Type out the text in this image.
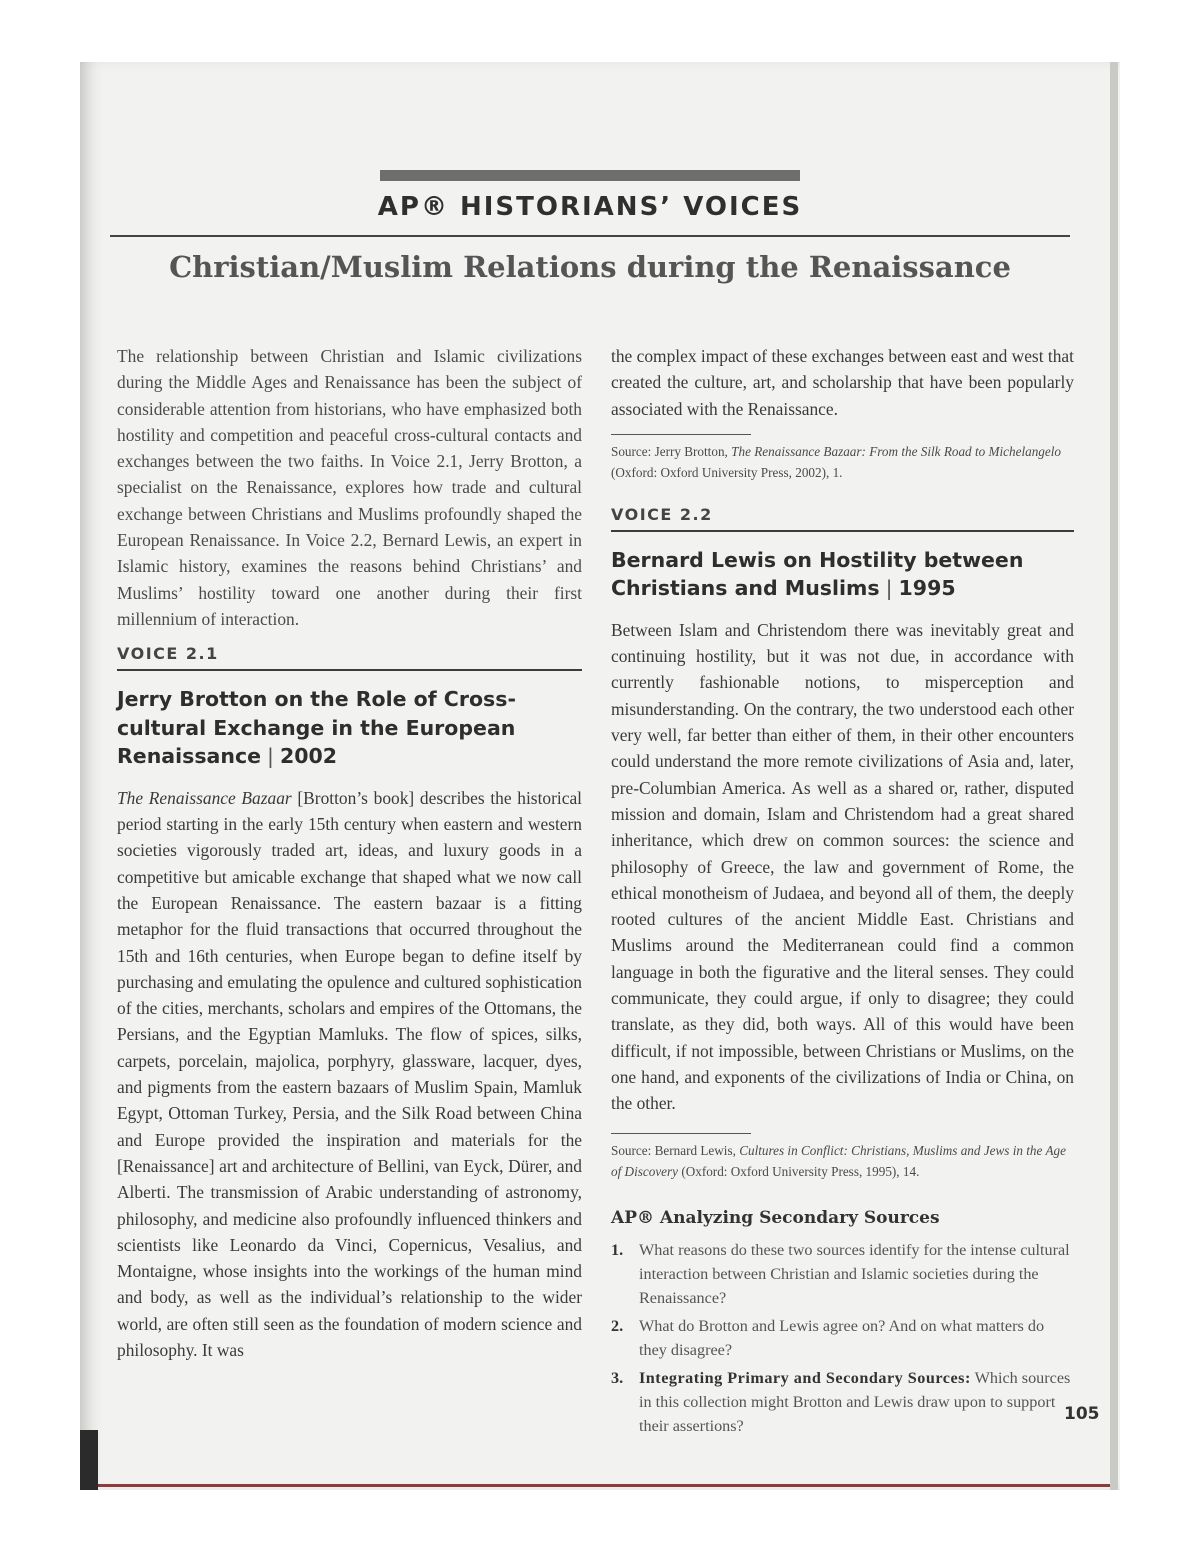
AP® HISTORIANS’ VOICES
Christian/Muslim Relations during the Renaissance

The relationship between Christian and Islamic civilizations during the Middle Ages and Renaissance has been the subject of considerable attention from historians, who have emphasized both hostility and competition and peaceful cross-cultural contacts and exchanges between the two faiths. In Voice 2.1, Jerry Brotton, a specialist on the Renaissance, explores how trade and cultural exchange between Christians and Muslims profoundly shaped the European Renaissance. In Voice 2.2, Bernard Lewis, an expert in Islamic history, examines the reasons behind Christians’ and Muslims’ hostility toward one another during their first millennium of interaction.

VOICE 2.1
Jerry Brotton on the Role of Cross-cultural Exchange in the European Renaissance | 2002

The Renaissance Bazaar [Brotton’s book] describes the historical period starting in the early 15th century when eastern and western societies vigorously traded art, ideas, and luxury goods in a competitive but amicable exchange that shaped what we now call the European Renaissance. The eastern bazaar is a fitting metaphor for the fluid transactions that occurred throughout the 15th and 16th centuries, when Europe began to define itself by purchasing and emulating the opulence and cultured sophistication of the cities, merchants, scholars and empires of the Ottomans, the Persians, and the Egyptian Mamluks. The flow of spices, silks, carpets, porcelain, majolica, porphyry, glassware, lacquer, dyes, and pigments from the eastern bazaars of Muslim Spain, Mamluk Egypt, Ottoman Turkey, Persia, and the Silk Road between China and Europe provided the inspiration and materials for the [Renaissance] art and architecture of Bellini, van Eyck, Dürer, and Alberti. The transmission of Arabic understanding of astronomy, philosophy, and medicine also profoundly influenced thinkers and scientists like Leonardo da Vinci, Copernicus, Vesalius, and Montaigne, whose insights into the workings of the human mind and body, as well as the individual’s relationship to the wider world, are often still seen as the foundation of modern science and philosophy. It was

the complex impact of these exchanges between east and west that created the culture, art, and scholarship that have been popularly associated with the Renaissance.

Source: Jerry Brotton, The Renaissance Bazaar: From the Silk Road to Michelangelo (Oxford: Oxford University Press, 2002), 1.

VOICE 2.2
Bernard Lewis on Hostility between Christians and Muslims | 1995

Between Islam and Christendom there was inevitably great and continuing hostility, but it was not due, in accordance with currently fashionable notions, to misperception and misunderstanding. On the contrary, the two understood each other very well, far better than either of them, in their other encounters could understand the more remote civilizations of Asia and, later, pre-Columbian America. As well as a shared or, rather, disputed mission and domain, Islam and Christendom had a great shared inheritance, which drew on common sources: the science and philosophy of Greece, the law and government of Rome, the ethical monotheism of Judaea, and beyond all of them, the deeply rooted cultures of the ancient Middle East. Christians and Muslims around the Mediterranean could find a common language in both the figurative and the literal senses. They could communicate, they could argue, if only to disagree; they could translate, as they did, both ways. All of this would have been difficult, if not impossible, between Christians or Muslims, on the one hand, and exponents of the civilizations of India or China, on the other.

Source: Bernard Lewis, Cultures in Conflict: Christians, Muslims and Jews in the Age of Discovery (Oxford: Oxford University Press, 1995), 14.

AP® Analyzing Secondary Sources
1. What reasons do these two sources identify for the intense cultural interaction between Christian and Islamic societies during the Renaissance?
2. What do Brotton and Lewis agree on? And on what matters do they disagree?
3. Integrating Primary and Secondary Sources: Which sources in this collection might Brotton and Lewis draw upon to support their assertions?
105
